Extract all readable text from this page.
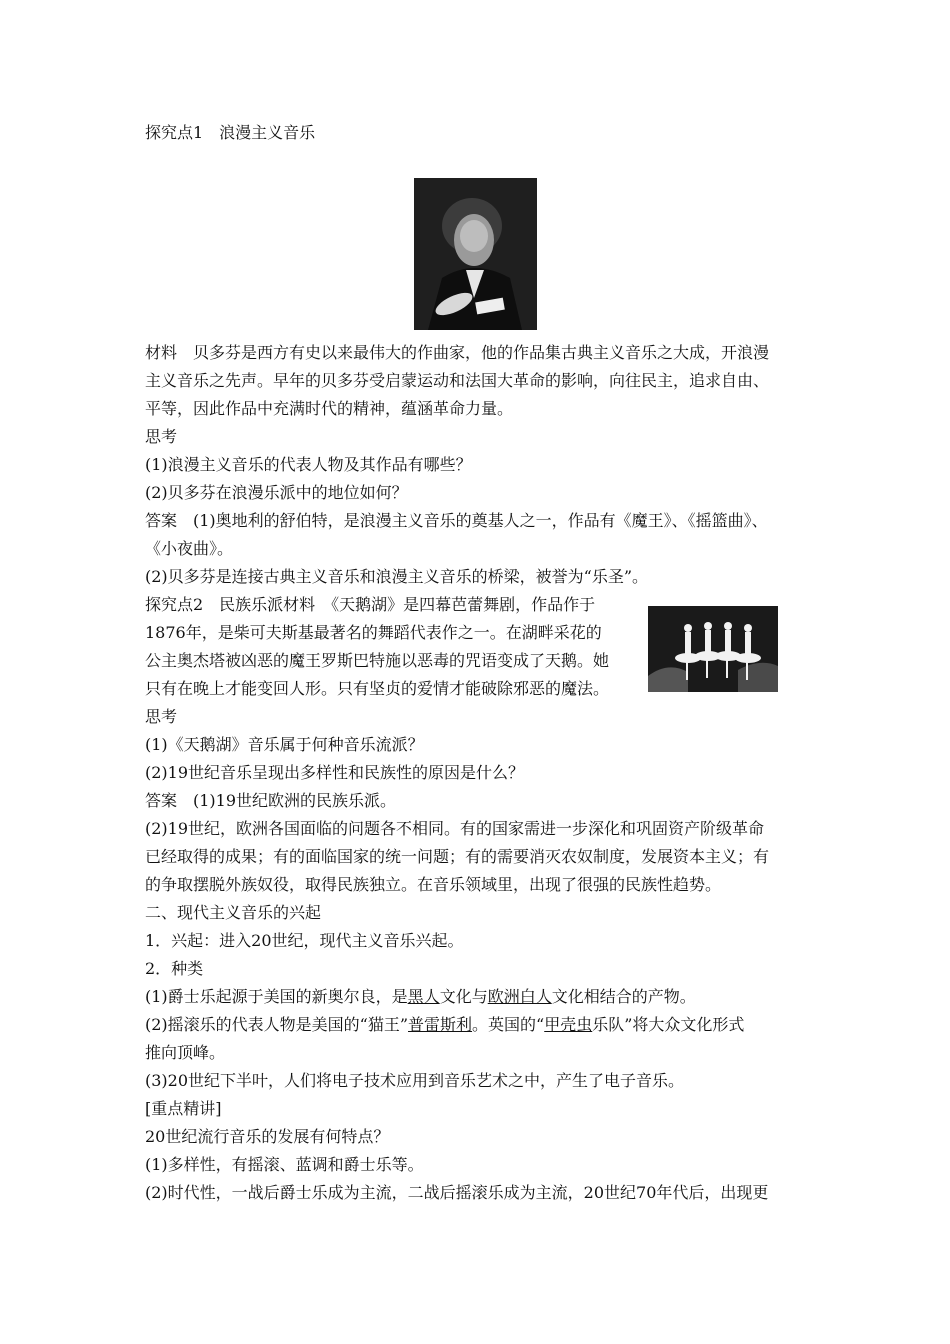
探究点1　浪漫主义音乐
材料　贝多芬是西方有史以来最伟大的作曲家，他的作品集古典主义音乐之大成，开浪漫
主义音乐之先声。早年的贝多芬受启蒙运动和法国大革命的影响，向往民主，追求自由、
平等，因此作品中充满时代的精神，蕴涵革命力量。
思考
(1)浪漫主义音乐的代表人物及其作品有哪些？
(2)贝多芬在浪漫乐派中的地位如何？
答案　(1)奥地利的舒伯特，是浪漫主义音乐的奠基人之一，作品有《魔王》、《摇篮曲》、
《小夜曲》。
(2)贝多芬是连接古典主义音乐和浪漫主义音乐的桥梁，被誉为“乐圣”。
探究点2　民族乐派材料　《天鹅湖》是四幕芭蕾舞剧，作品作于
1876年，是柴可夫斯基最著名的舞蹈代表作之一。在湖畔采花的
公主奥杰塔被凶恶的魔王罗斯巴特施以恶毒的咒语变成了天鹅。她
只有在晚上才能变回人形。只有坚贞的爱情才能破除邪恶的魔法。
思考
(1)《天鹅湖》音乐属于何种音乐流派？
(2)19世纪音乐呈现出多样性和民族性的原因是什么？
答案　(1)19世纪欧洲的民族乐派。
(2)19世纪，欧洲各国面临的问题各不相同。有的国家需进一步深化和巩固资产阶级革命
已经取得的成果；有的面临国家的统一问题；有的需要消灭农奴制度，发展资本主义；有
的争取摆脱外族奴役，取得民族独立。在音乐领域里，出现了很强的民族性趋势。
二、现代主义音乐的兴起
1．兴起：进入20世纪，现代主义音乐兴起。
2．种类
(1)爵士乐起源于美国的新奥尔良，是黑人文化与欧洲白人文化相结合的产物。
(2)摇滚乐的代表人物是美国的“猫王”普雷斯利。英国的“甲壳虫乐队”将大众文化形式
推向顶峰。
(3)20世纪下半叶，人们将电子技术应用到音乐艺术之中，产生了电子音乐。
[重点精讲]
20世纪流行音乐的发展有何特点？
(1)多样性，有摇滚、蓝调和爵士乐等。
(2)时代性，一战后爵士乐成为主流，二战后摇滚乐成为主流，20世纪70年代后，出现更
